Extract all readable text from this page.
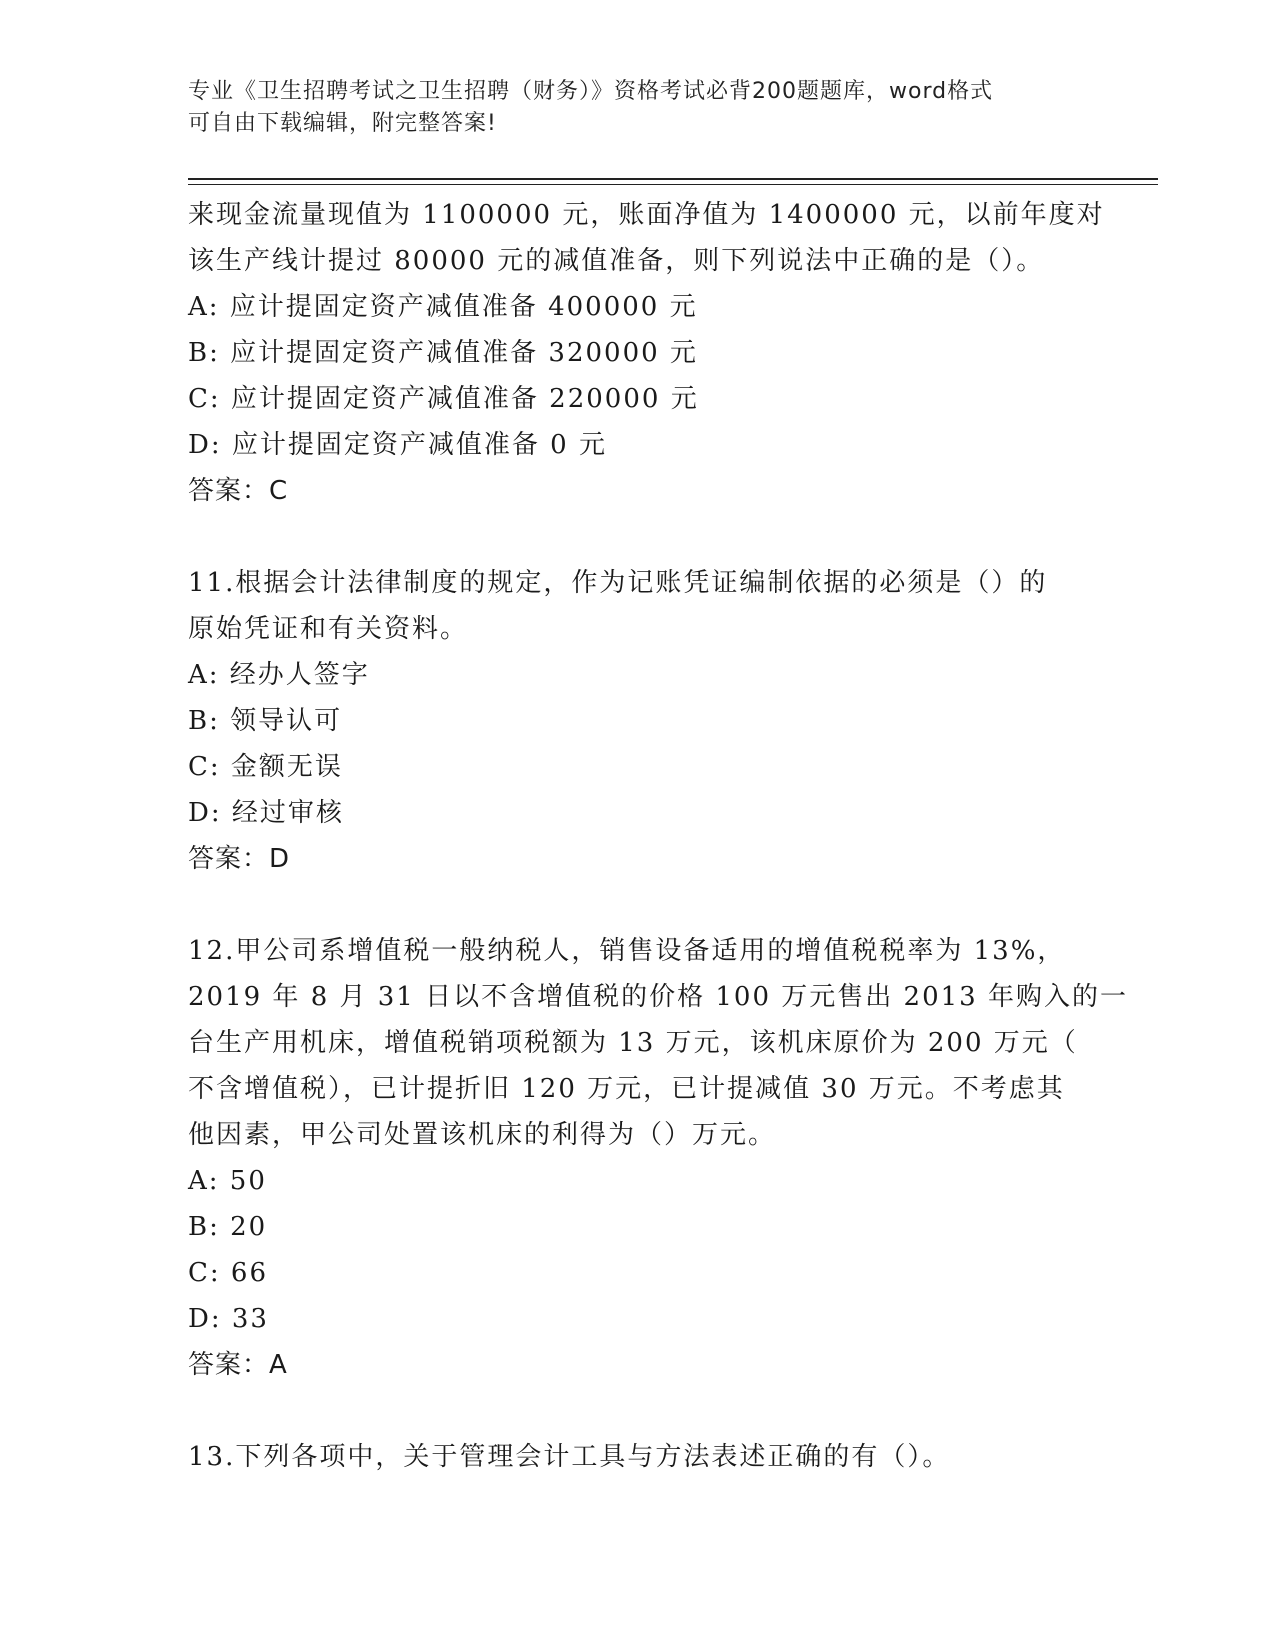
专业《卫生招聘考试之卫生招聘（财务）》资格考试必背200题题库，word格式
可自由下载编辑，附完整答案!
来现金流量现值为 1100000 元，账面净值为 1400000 元，以前年度对
该生产线计提过 80000 元的减值准备，则下列说法中正确的是（）。
A: 应计提固定资产减值准备 400000 元
B: 应计提固定资产减值准备 320000 元
C: 应计提固定资产减值准备 220000 元
D: 应计提固定资产减值准备 0 元
答案：C
11.根据会计法律制度的规定，作为记账凭证编制依据的必须是（）的
原始凭证和有关资料。
A: 经办人签字
B: 领导认可
C: 金额无误
D: 经过审核
答案：D
12.甲公司系增值税一般纳税人，销售设备适用的增值税税率为 13%，
2019 年 8 月 31 日以不含增值税的价格 100 万元售出 2013 年购入的一
台生产用机床，增值税销项税额为 13 万元，该机床原价为 200 万元（
不含增值税），已计提折旧 120 万元，已计提减值 30 万元。不考虑其
他因素，甲公司处置该机床的利得为（）万元。
A: 50
B: 20
C: 66
D: 33
答案：A
13.下列各项中，关于管理会计工具与方法表述正确的有（）。
